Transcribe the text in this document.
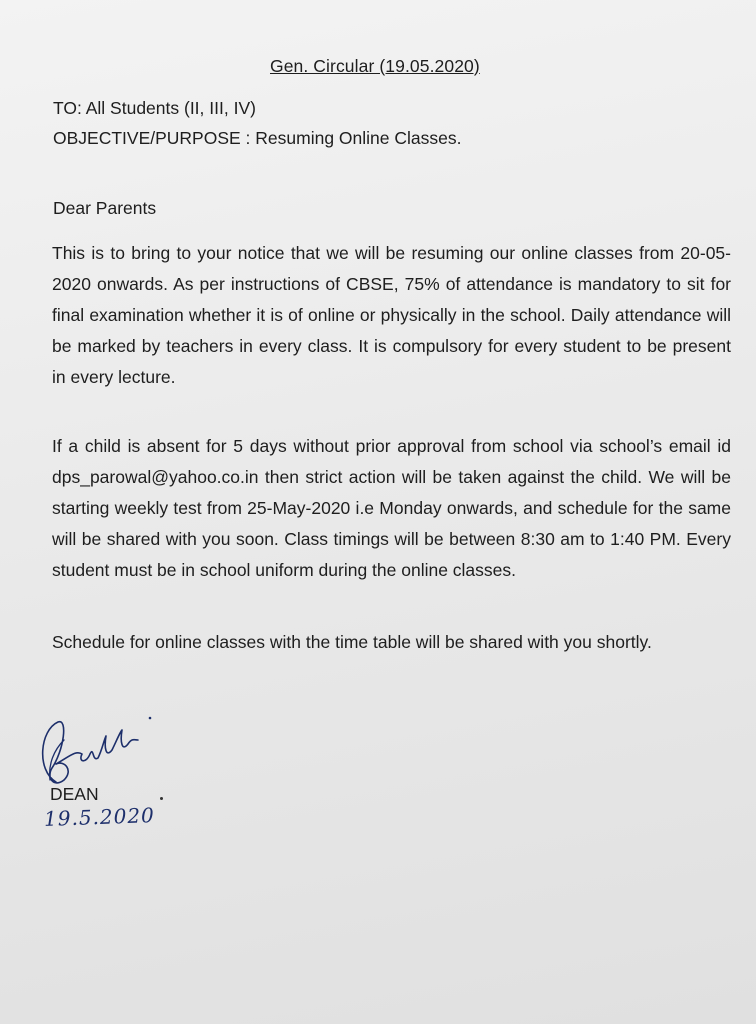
Gen. Circular (19.05.2020)
TO: All Students (II, III, IV)
OBJECTIVE/PURPOSE : Resuming Online Classes.
Dear Parents
This is to bring to your notice that we will be resuming our online classes from 20-05-2020 onwards. As per instructions of CBSE, 75% of attendance is mandatory to sit for final examination whether it is of online or physically in the school. Daily attendance will be marked by teachers in every class. It is compulsory for every student to be present in every lecture.
If a child is absent for 5 days without prior approval from school via school’s email id dps_parowal@yahoo.co.in then strict action will be taken against the child. We will be starting weekly test from 25-May-2020 i.e Monday onwards, and schedule for the same will be shared with you soon. Class timings will be between 8:30 am to 1:40 PM. Every student must be in school uniform during the online classes.
Schedule for online classes with the time table will be shared with you shortly.
DEAN
19.5.2020
